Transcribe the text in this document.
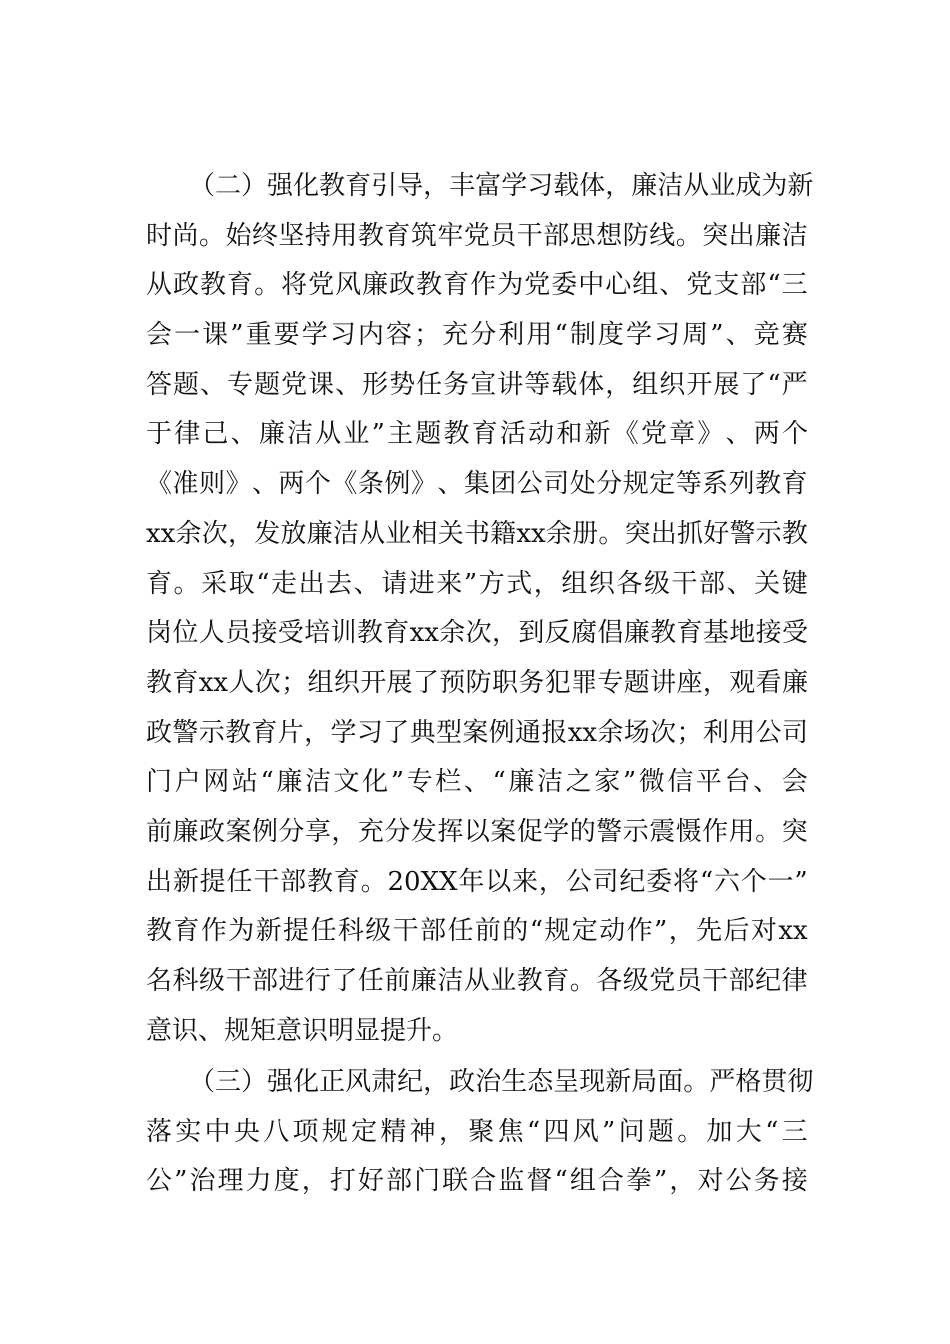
（ 二 ） 强 化 教 育 引 导 ， 丰 富 学 习 载 体 ， 廉 洁 从 业 成 为 新
时 尚 。 始 终 坚 持 用 教 育 筑 牢 党 员 干 部 思 想 防 线 。 突 出 廉 洁
从 政 教 育 。 将 党 风 廉 政 教 育 作 为 党 委 中 心 组 、 党 支 部 “ 三
会 一 课 ” 重 要 学 习 内 容 ； 充 分 利 用 “ 制 度 学 习 周 ” 、 竞 赛
答 题 、 专 题 党 课 、 形 势 任 务 宣 讲 等 载 体 ， 组 织 开 展 了 “ 严
于 律 己 、 廉 洁 从 业 ” 主 题 教 育 活 动 和 新 《 党 章 》 、 两 个
《 准 则 》 、 两 个 《 条 例 》 、 集 团 公 司 处 分 规 定 等 系 列 教 育
xx 余 次 ， 发 放 廉 洁 从 业 相 关 书 籍 xx 余 册 。 突 出 抓 好 警 示 教
育 。 采 取 “ 走 出 去 、 请 进 来 ” 方 式 ， 组 织 各 级 干 部 、 关 键
岗 位 人 员 接 受 培 训 教 育 xx 余 次 ， 到 反 腐 倡 廉 教 育 基 地 接 受
教 育 xx 人 次 ； 组 织 开 展 了 预 防 职 务 犯 罪 专 题 讲 座 ， 观 看 廉
政 警 示 教 育 片 ， 学 习 了 典 型 案 例 通 报 xx 余 场 次 ； 利 用 公 司
门 户 网 站 “ 廉 洁 文 化 ” 专 栏 、 “ 廉 洁 之 家 ” 微 信 平 台 、 会
前 廉 政 案 例 分 享 ， 充 分 发 挥 以 案 促 学 的 警 示 震 慑 作 用 。 突
出 新 提 任 干 部 教 育 。 20XX 年 以 来 ， 公 司 纪 委 将 “ 六 个 一 ”
教 育 作 为 新 提 任 科 级 干 部 任 前 的 “ 规 定 动 作 ” ， 先 后 对 xx
名 科 级 干 部 进 行 了 任 前 廉 洁 从 业 教 育 。 各 级 党 员 干 部 纪 律
意识、规矩意识明显提升。
（ 三 ） 强 化 正 风 肃 纪 ， 政 治 生 态 呈 现 新 局 面 。 严 格 贯 彻
落 实 中 央 八 项 规 定 精 神 ， 聚 焦 “ 四 风 ” 问 题 。 加 大 “ 三
公 ” 治 理 力 度 ， 打 好 部 门 联 合 监 督 “ 组 合 拳 ” ， 对 公 务 接
